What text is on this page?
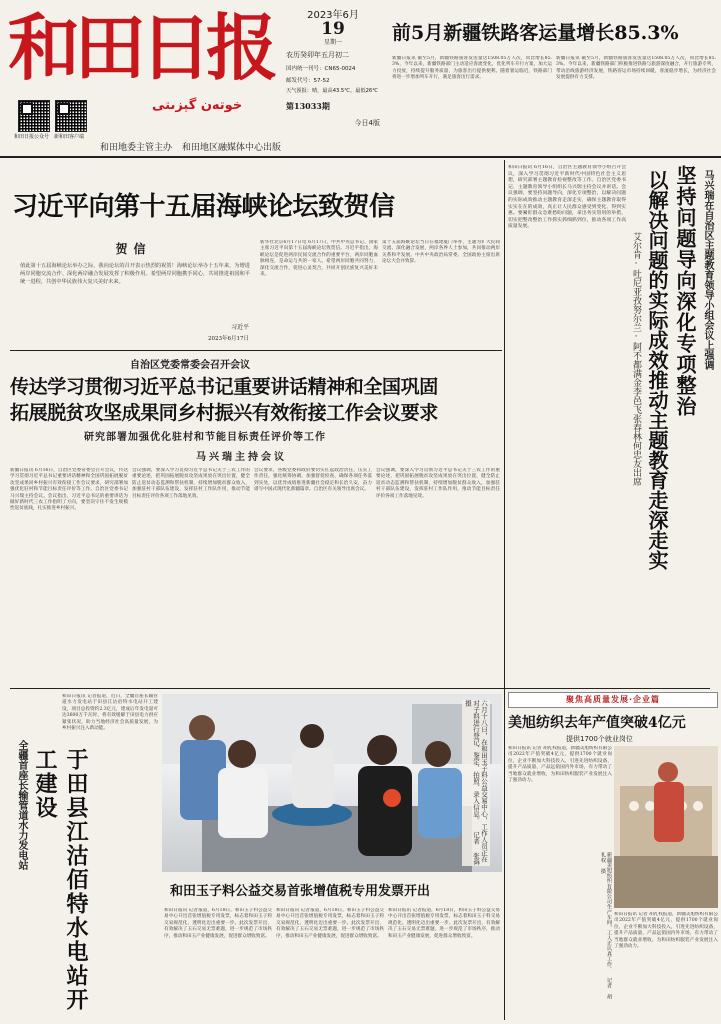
和田日报
خوتەن گېزىتى
和田日报公众号 新和田客户端
和田地委主管主办 和田地区融媒体中心出版
2023年6月
19
星期一
农历癸卯年五月初二
国内统一刊号：CN65-0024
邮发代号：57-52
天气预报：晴，最高43.5℃，最低26℃
第13033期
今日4版
前5月新疆铁路客运量增长85.3%
新疆日报讯 截至5月，新疆铁路旅客发送量达1508.05万人次，同比增长85.3%，今年以来，新疆铁路部门主动适应客流变化，优化列车开行方案，加大运力投放，持续提升服务质量，为旅客出行提供便利。随着暑运临近，铁路部门将进一步增加列车开行，满足旅客出行需求。
新疆日报讯 截至5月，新疆铁路旅客发送量达1508.05万人次，同比增长85.3%。今年以来，新疆铁路部门积极推进铁路与旅游深度融合，开行旅游专列，带动沿线旅游经济发展，铁路客运市场持续回暖，客流稳步增长，为经济社会发展提供有力支撑。
习近平向第十五届海峡论坛致贺信
贺信
值此第十五届海峡论坛举办之际，我向论坛的召开表示热烈的祝贺！海峡论坛举办十五年来，为增进两岸同胞交流合作、深化两岸融合发展发挥了积极作用。希望两岸同胞携手同心，共同推进祖国和平统一进程，共创中华民族伟大复兴美好未来。
习近平
2023年6月17日
新华社北京6月17日电 6月17日，中共中央总书记、国家主席习近平向第十五届海峡论坛致贺信。习近平指出，海峡论坛是促进两岸民间交流合作的重要平台，两岸同胞血脉相连，是命运与共的一家人。希望两岸同胞共同努力，深化交流合作，促进心灵契合，共同开创民族复兴美好未来。
第十五届海峡论坛当日在福建厦门举办，主题为扩大民间交流、深化融合发展，两岸各界人士参加，共同推动两岸关系和平发展。中共中央政治局常委、全国政协主席出席论坛大会并致辞。
和田日报讯 6月16日，自治区主题教育领导小组召开会议，深入学习贯彻习近平新时代中国特色社会主义思想，研究部署主题教育检视整改等工作。自治区党委书记、主题教育领导小组组长马兴瑞主持会议并讲话。会议强调，要坚持问题导向，深化专项整治，以解决问题的实际成效推动主题教育走深走实，确保主题教育取得实实在在的成效，真正让人民群众感受到变化、得到实惠。要紧盯群众急难愁盼问题，拿出务实管用的举措，切实把整改整治工作抓实抓细抓到位，推动各项工作高质量发展。
艾尔肯·吐尼亚孜努尔兰·阿不都满金李邑飞张春林何忠友出席 以解决问题的实际成效推动主题教育走深走实 坚持问题导向深化专项整治 马兴瑞在自治区主题教育领导小组会议上强调
自治区党委常委会召开会议
传达学习贯彻习近平总书记重要讲话精神和全国巩固
拓展脱贫攻坚成果同乡村振兴有效衔接工作会议要求
研究部署加强优化驻村和节能目标责任评价等工作
马兴瑞主持会议
新疆日报讯 6月16日，自治区党委常委会召开会议，传达学习贯彻习近平总书记重要讲话精神和全国巩固拓展脱贫攻坚成果同乡村振兴有效衔接工作会议要求，研究部署加强优化驻村和节能目标责任评价等工作。自治区党委书记马兴瑞主持会议。会议指出，习近平总书记的重要讲话为做好新时代三农工作指明了方向，要坚决守住不发生规模性返贫底线，扎实推进乡村振兴。
会议强调，要深入学习贯彻习近平总书记关于三农工作的重要论述，把巩固拓展脱贫攻坚成果放在突出位置，健全防止返贫动态监测和帮扶机制，持续增加脱贫群众收入，加强驻村干部队伍建设，发挥驻村工作队作用，推动节能目标责任评价各项工作落地见效。
会议要求，各级党委和政府要切实扛起政治责任，压实工作责任，强化统筹协调，加强督促检查，确保各项任务落到实处，以优异成绩推进新疆社会稳定和长治久安，奋力谱写中国式现代化新疆篇章。自治区有关领导出席会议。
会议强调，要深入学习贯彻习近平总书记关于三农工作的重要论述，把巩固拓展脱贫攻坚成果放在突出位置，健全防止返贫动态监测和帮扶机制，持续增加脱贫群众收入，加强驻村干部队伍建设，发挥驻村工作队作用，推动节能目标责任评价各项工作落地见效。
全疆首座长输管道水力发电站	于田县江沽佰特水电站开工建设
和田日报讯 记者报道，近日，全疆首座长输管道水力发电站于田县江沽佰特水电站开工建设，项目总投资约2.3亿元，建成后年发电量可达3600万千瓦时，将有效缓解于田县电力供应紧张状况，助力当地经济社会高质量发展，为乡村振兴注入新动能。	六月十八日，在和田玉子料公益交易中心，工作人员正在对子料进行登记、鉴定、拍照、录入信息。 记者 张舜 摄
和田玉子料公益交易首张增值税专用发票开出
和田日报讯 记者报道，6月18日，和田玉子料公益交易中心开出首张增值税专用发票，标志着和田玉子料交易规范化、透明化迈出重要一步。此次发票开出，有效解决了玉石交易无票难题，进一步规范了市场秩序，推动和田玉产业健康发展，促进群众增收致富。
和田日报讯 记者报道，6月18日，和田玉子料公益交易中心开出首张增值税专用发票，标志着和田玉子料交易规范化、透明化迈出重要一步。此次发票开出，有效解决了玉石交易无票难题，进一步规范了市场秩序，推动和田玉产业健康发展，促进群众增收致富。
和田日报讯 记者报道，6月18日，和田玉子料公益交易中心开出首张增值税专用发票，标志着和田玉子料交易规范化、透明化迈出重要一步。此次发票开出，有效解决了玉石交易无票难题，进一步规范了市场秩序，推动和田玉产业健康发展，促进群众增收致富。
聚焦高质量发展·企业篇
美旭纺织去年产值突破4亿元
提供1700个就业岗位
和田日报讯 记者 胡礼权报道，新疆美旭纺织有限公司2022年产值突破4亿元，提供1700个就业岗位，企业不断加大科技投入，引进先进纺织设备，提升产品质量，产品远销国内外市场，有力带动了当地群众就业增收，为和田纺织服装产业发展注入了强劲动力。
新疆美旭纺织有限公司生产车间，工人正认真工作。 记者 胡礼权 摄
和田日报讯 记者 胡礼权报道，新疆美旭纺织有限公司2022年产值突破4亿元，提供1700个就业岗位，企业不断加大科技投入，引进先进纺织设备，提升产品质量，产品远销国内外市场，有力带动了当地群众就业增收，为和田纺织服装产业发展注入了强劲动力。
